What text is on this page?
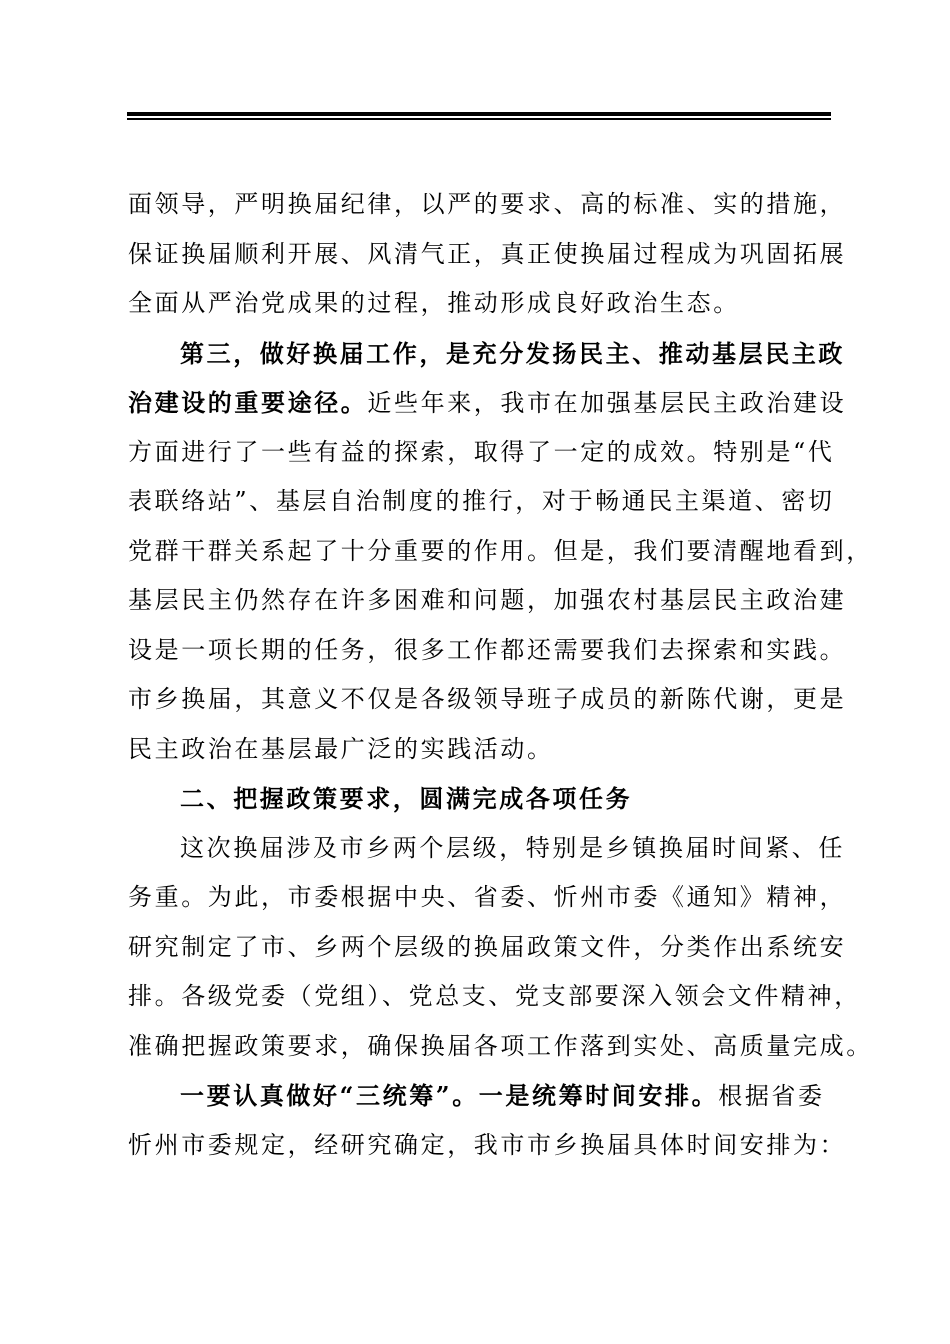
面领导，严明换届纪律，以严的要求、高的标准、实的措施，
保证换届顺利开展、风清气正，真正使换届过程成为巩固拓展
全面从严治党成果的过程，推动形成良好政治生态。
第三，做好换届工作，是充分发扬民主、推动基层民主政
治建设的重要途径。近些年来，我市在加强基层民主政治建设
方面进行了一些有益的探索，取得了一定的成效。特别是“代
表联络站”、基层自治制度的推行，对于畅通民主渠道、密切
党群干群关系起了十分重要的作用。但是，我们要清醒地看到，
基层民主仍然存在许多困难和问题，加强农村基层民主政治建
设是一项长期的任务，很多工作都还需要我们去探索和实践。
市乡换届，其意义不仅是各级领导班子成员的新陈代谢，更是
民主政治在基层最广泛的实践活动。
二、把握政策要求，圆满完成各项任务
这次换届涉及市乡两个层级，特别是乡镇换届时间紧、任
务重。为此，市委根据中央、省委、忻州市委《通知》精神，
研究制定了市、乡两个层级的换届政策文件，分类作出系统安
排。各级党委（党组）、党总支、党支部要深入领会文件精神，
准确把握政策要求，确保换届各项工作落到实处、高质量完成。
一要认真做好“三统筹”。一是统筹时间安排。根据省委
忻州市委规定，经研究确定，我市市乡换届具体时间安排为：
